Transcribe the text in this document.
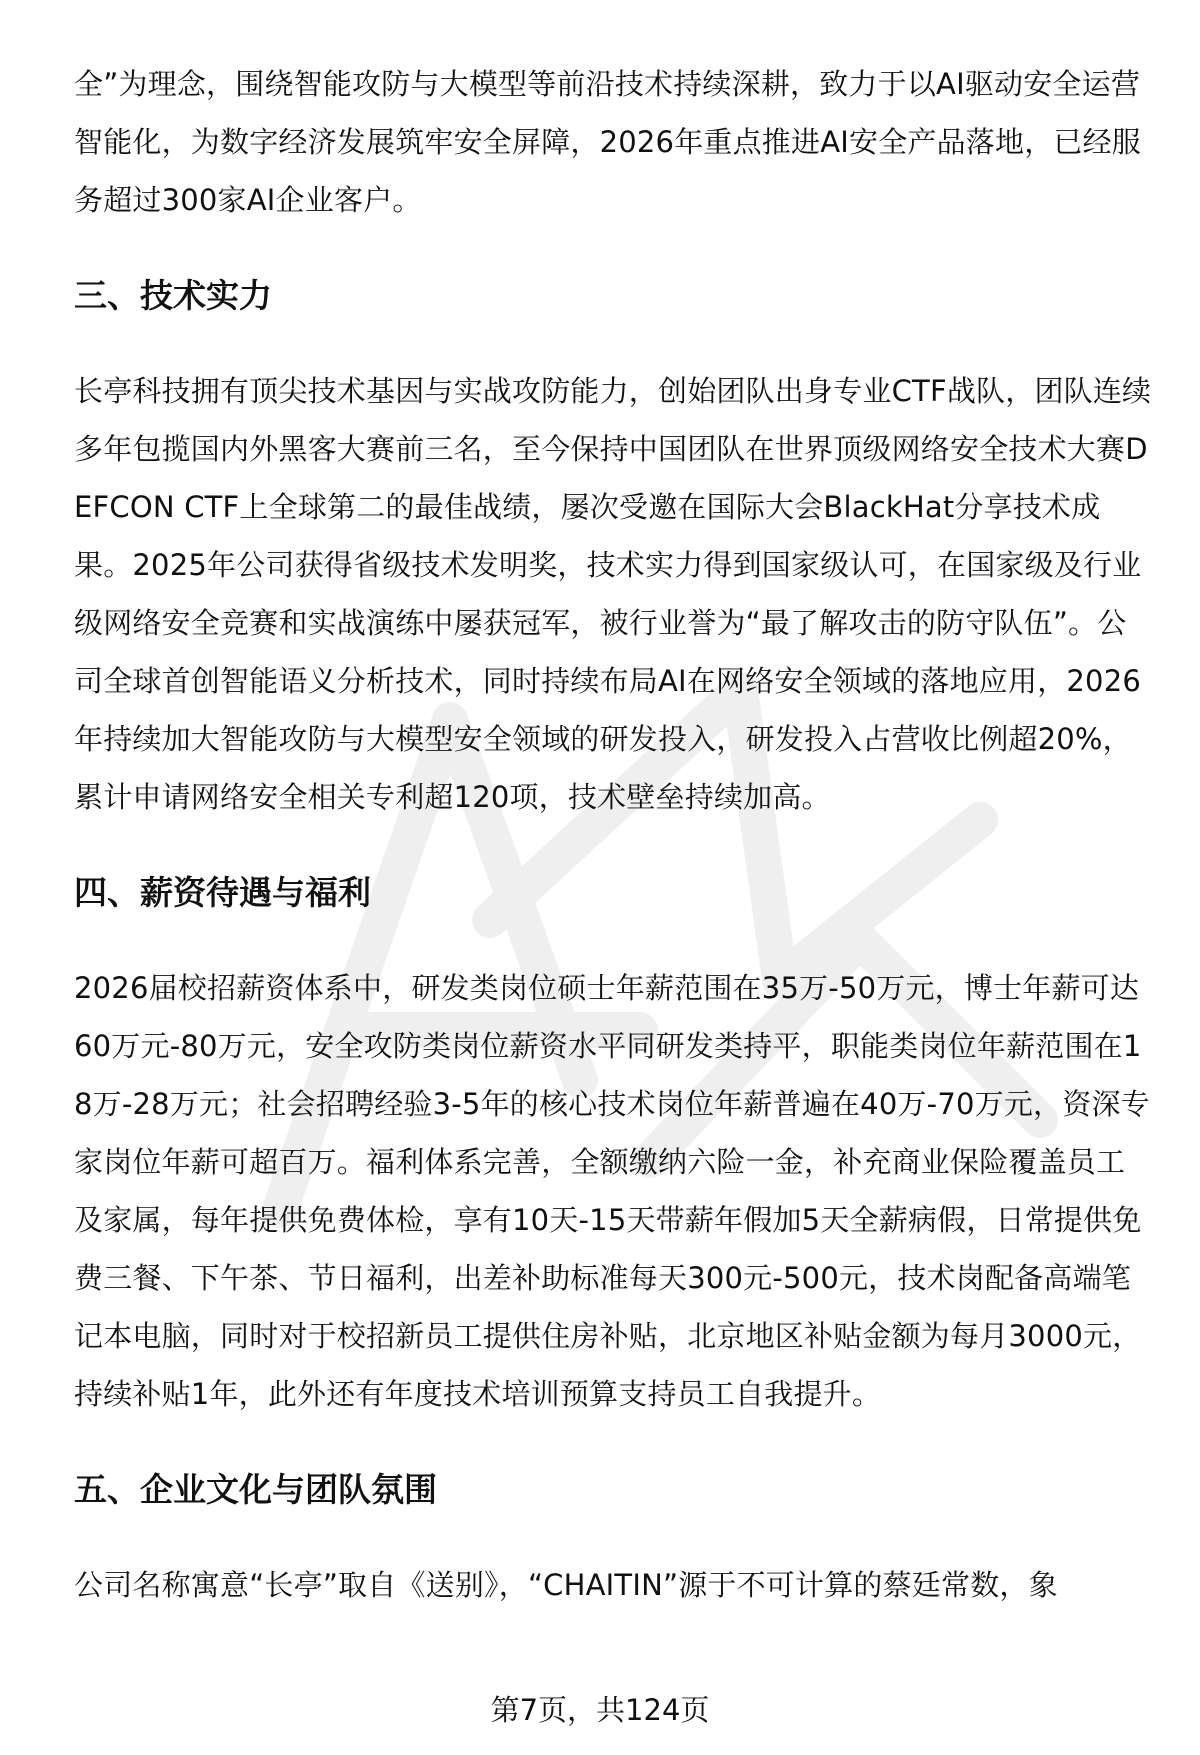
全”为理念，围绕智能攻防与大模型等前沿技术持续深耕，致力于以AI驱动安全运营智能化，为数字经济发展筑牢安全屏障，2026年重点推进AI安全产品落地，已经服务超过300家AI企业客户。

三、技术实力

长亭科技拥有顶尖技术基因与实战攻防能力，创始团队出身专业CTF战队，团队连续多年包揽国内外黑客大赛前三名，至今保持中国团队在世界顶级网络安全技术大赛DEFCON CTF上全球第二的最佳战绩，屡次受邀在国际大会BlackHat分享技术成果。2025年公司获得省级技术发明奖，技术实力得到国家级认可，在国家级及行业级网络安全竞赛和实战演练中屡获冠军，被行业誉为“最了解攻击的防守队伍”。公司全球首创智能语义分析技术，同时持续布局AI在网络安全领域的落地应用，2026年持续加大智能攻防与大模型安全领域的研发投入，研发投入占营收比例超20%，累计申请网络安全相关专利超120项，技术壁垒持续加高。

四、薪资待遇与福利

2026届校招薪资体系中，研发类岗位硕士年薪范围在35万-50万元，博士年薪可达60万元-80万元，安全攻防类岗位薪资水平同研发类持平，职能类岗位年薪范围在18万-28万元；社会招聘经验3-5年的核心技术岗位年薪普遍在40万-70万元，资深专家岗位年薪可超百万。福利体系完善，全额缴纳六险一金，补充商业保险覆盖员工及家属，每年提供免费体检，享有10天-15天带薪年假加5天全薪病假，日常提供免费三餐、下午茶、节日福利，出差补助标准每天300元-500元，技术岗配备高端笔记本电脑，同时对于校招新员工提供住房补贴，北京地区补贴金额为每月3000元，持续补贴1年，此外还有年度技术培训预算支持员工自我提升。

五、企业文化与团队氛围

公司名称寓意“长亭”取自《送别》，“CHAITIN”源于不可计算的蔡廷常数，象

第7页，共124页
